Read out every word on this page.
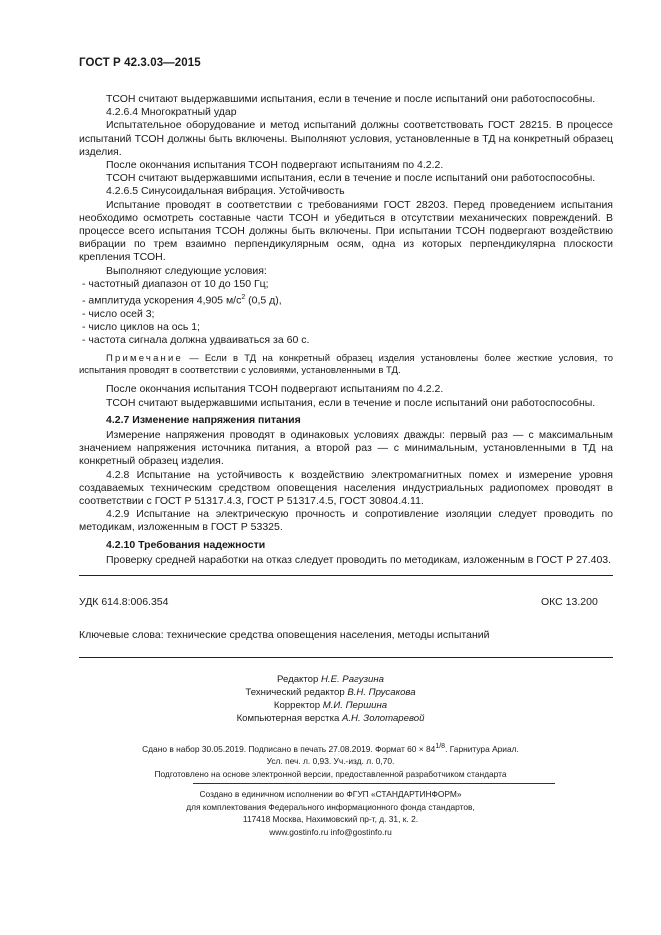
ГОСТ Р 42.3.03—2015

ТСОН считают выдержавшими испытания, если в течение и после испытаний они работоспособны.

4.2.6.4 Многократный удар

Испытательное оборудование и метод испытаний должны соответствовать ГОСТ 28215. В процессе испытаний ТСОН должны быть включены. Выполняют условия, установленные в ТД на конкретный образец изделия.

После окончания испытания ТСОН подвергают испытаниям по 4.2.2.

ТСОН считают выдержавшими испытания, если в течение и после испытаний они работоспособны.

4.2.6.5 Синусоидальная вибрация. Устойчивость

Испытание проводят в соответствии с требованиями ГОСТ 28203. Перед проведением испытания необходимо осмотреть составные части ТСОН и убедиться в отсутствии механических повреждений. В процессе всего испытания ТСОН должны быть включены. При испытании ТСОН подвергают воздействию вибрации по трем взаимно перпендикулярным осям, одна из которых перпендикулярна плоскости крепления ТСОН.

Выполняют следующие условия:

- частотный диапазон от 10 до 150 Гц;

- амплитуда ускорения 4,905 $м/с^2$ (0,5 д),

- число осей 3;

- число циклов на ось 1;

- частота сигнала должна удваиваться за 60 с.

Примечание — Если в ТД на конкретный образец изделия установлены более жесткие условия, то испытания проводят в соответствии с условиями, установленными в ТД.

После окончания испытания ТСОН подвергают испытаниям по 4.2.2.

ТСОН считают выдержавшими испытания, если в течение и после испытаний они работоспособны.

4.2.7 Изменение напряжения питания

Измерение напряжения проводят в одинаковых условиях дважды: первый раз — с максимальным значением напряжения источника питания, а второй раз — с минимальным, установленными в ТД на конкретный образец изделия.

4.2.8 Испытание на устойчивость к воздействию электромагнитных помех и измерение уровня создаваемых техническим средством оповещения населения индустриальных радиопомех проводят в соответствии с ГОСТ Р 51317.4.3, ГОСТ Р 51317.4.5, ГОСТ 30804.4.11.

4.2.9 Испытание на электрическую прочность и сопротивление изоляции следует проводить по методикам, изложенным в ГОСТ Р 53325.

4.2.10 Требования надежности

Проверку средней наработки на отказ следует проводить по методикам, изложенным в ГОСТ Р 27.403.

УДК 614.8:006.354	ОКС 13.200
Ключевые слова: технические средства оповещения населения, методы испытаний
Редактор Н.Е. Рагузина
Технический редактор В.Н. Прусакова
Корректор М.И. Першина
Компьютерная верстка А.Н. Золотаревой
Сдано в набор 30.05.2019. Подписано в печать 27.08.2019. Формат $60 \times 84^{1/8}$. Гарнитура Ариал.
Усл. печ. л. 0,93. Уч.-изд. л. 0,70.
Подготовлено на основе электронной версии, предоставленной разработчиком стандарта
Создано в единичном исполнении во ФГУП «СТАНДАРТИНФОРМ»
для комплектования Федерального информационного фонда стандартов,
117418 Москва, Нахимовский пр-т, д. 31, к. 2.
www.gostinfo.ru info@gostinfo.ru
